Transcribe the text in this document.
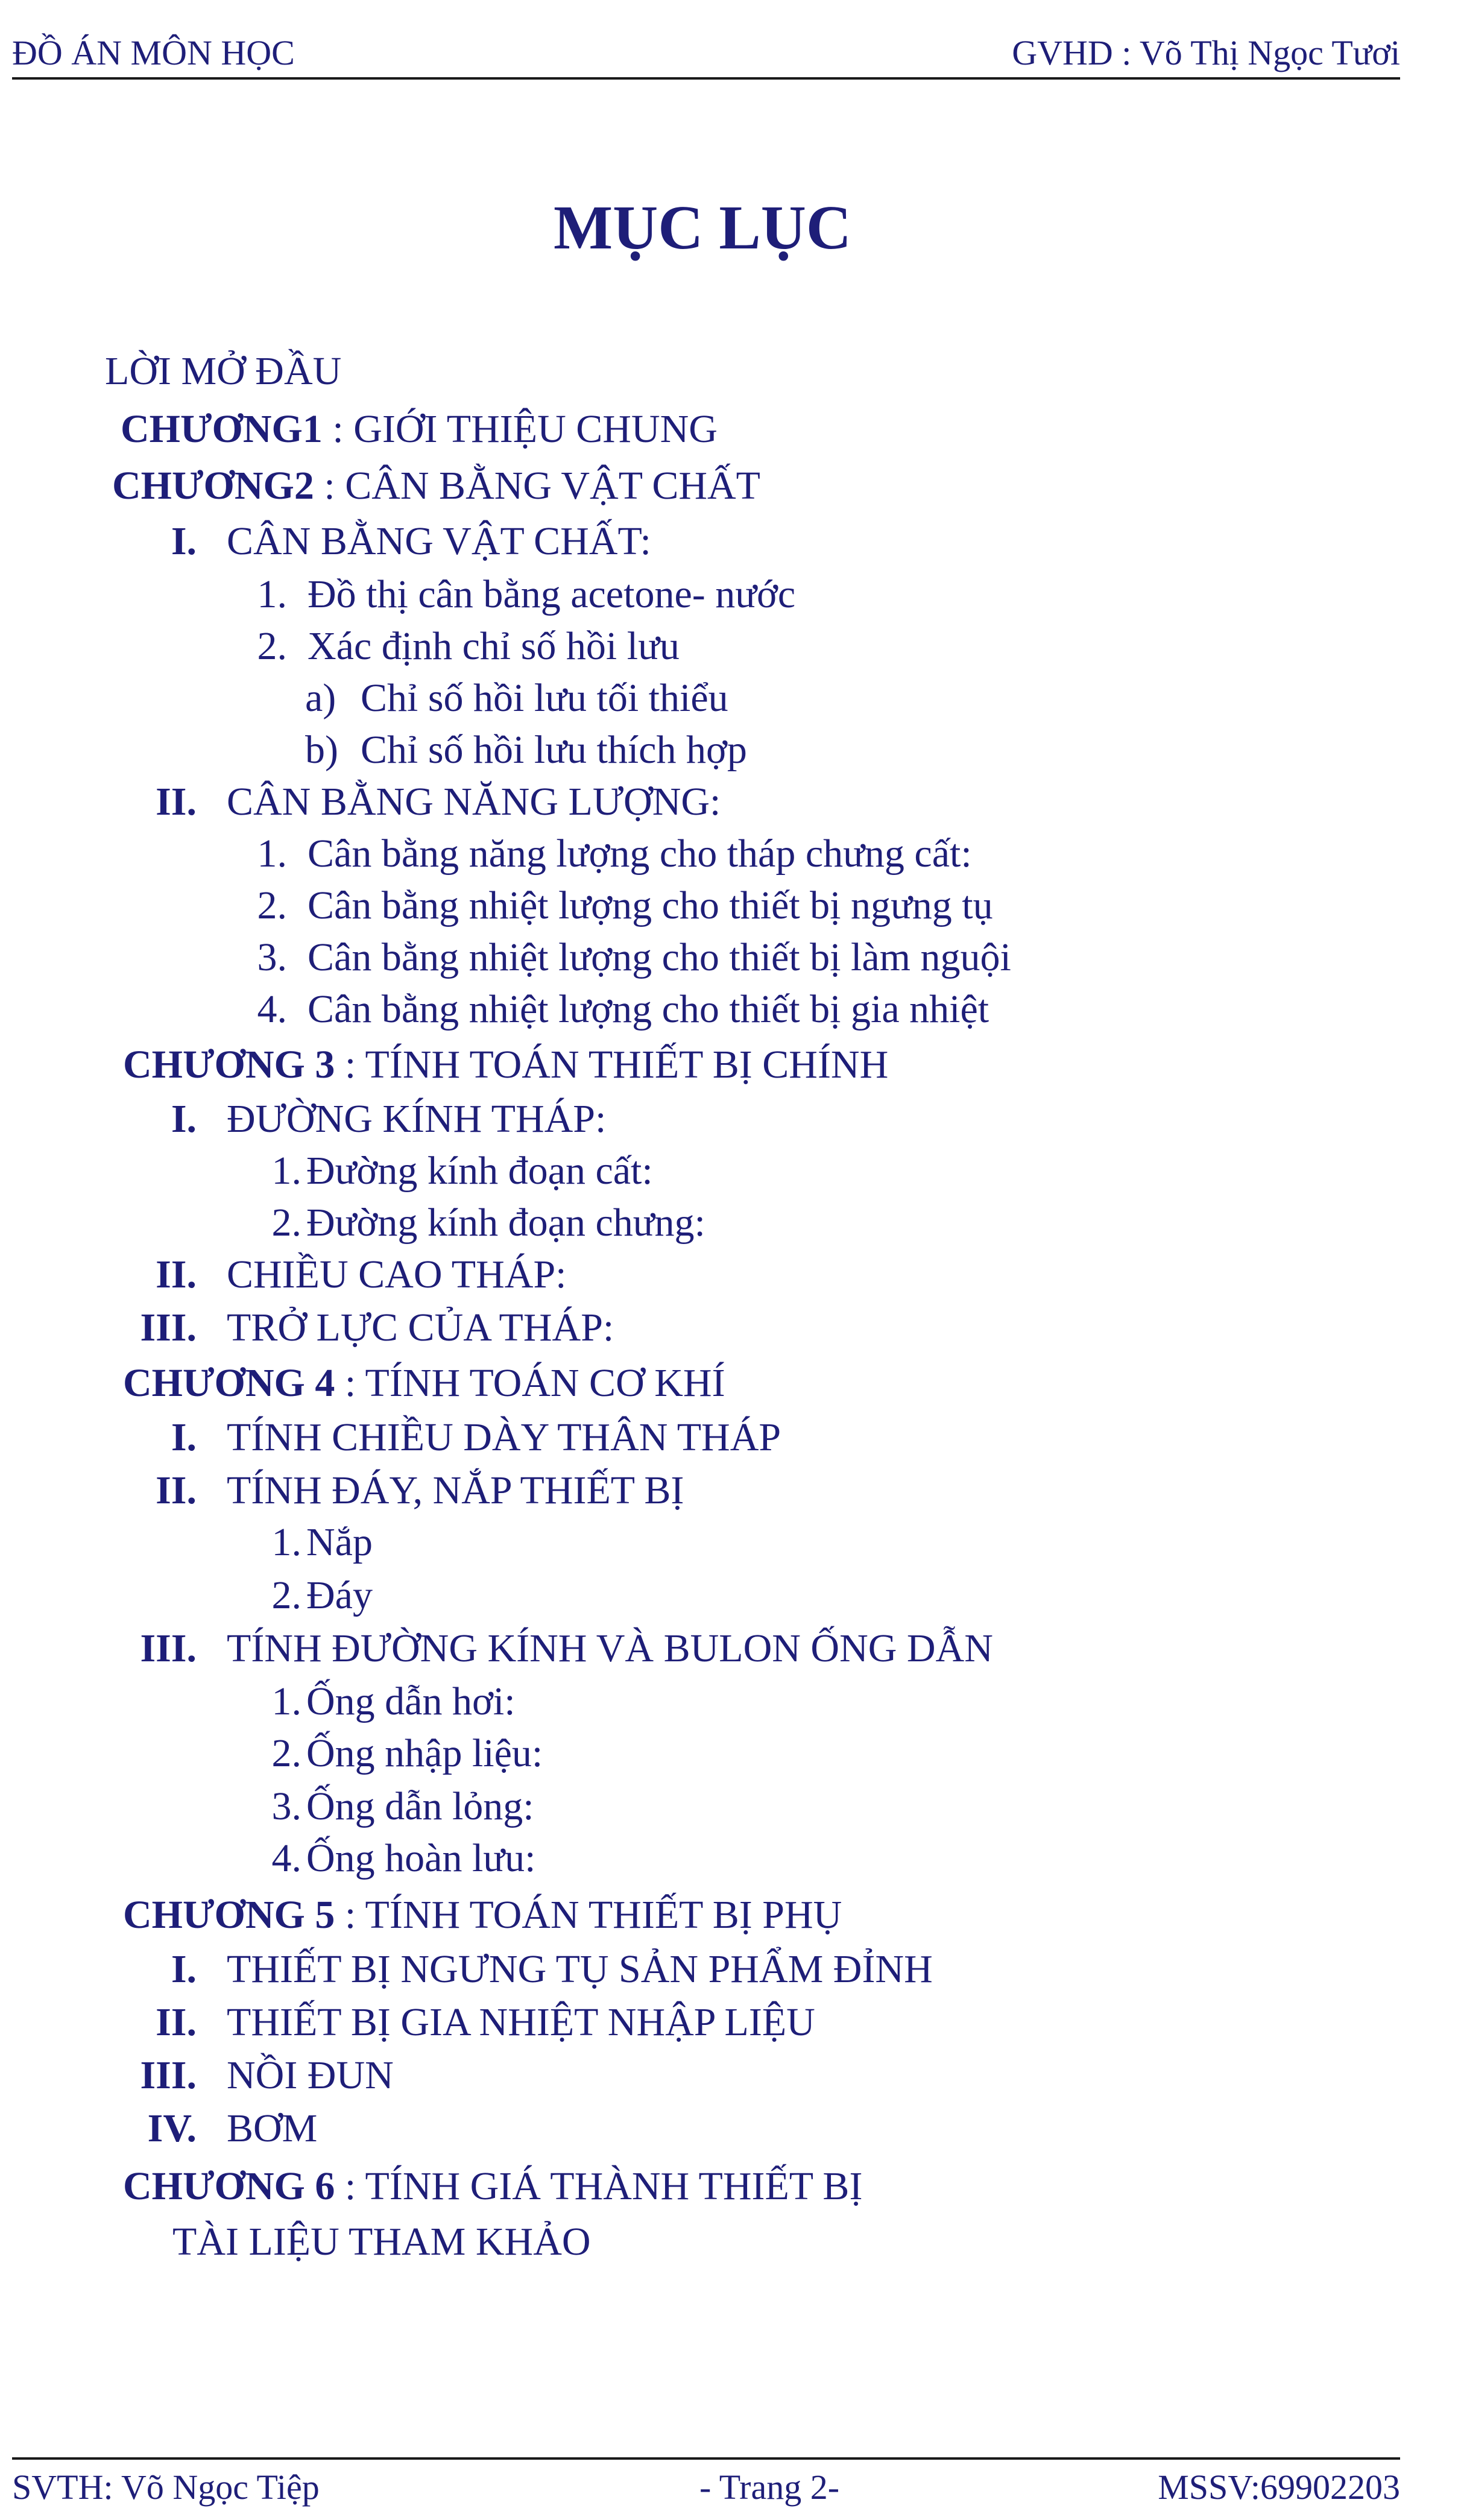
ĐỒ ÁN MÔN HỌC	GVHD : Võ Thị Ngọc Tươi
MỤC LỤC
LỜI MỞ ĐẦU
CHƯƠNG1 : GIỚI THIỆU CHUNG
CHƯƠNG2 : CÂN BẰNG VẬT CHẤT
I. CÂN BẰNG VẬT CHẤT:
1. Đồ thị cân bằng acetone- nước
2. Xác định chỉ số hồi lưu
a) Chỉ số hồi lưu tối thiểu
b) Chỉ số hồi lưu thích hợp
II. CÂN BẰNG NĂNG LƯỢNG:
1. Cân bằng năng lượng cho tháp chưng cất:
2. Cân bằng nhiệt lượng cho thiết bị ngưng tụ
3. Cân bằng nhiệt lượng cho thiết bị làm nguội
4. Cân bằng nhiệt lượng cho thiết bị gia nhiệt
CHƯƠNG 3 : TÍNH TOÁN THIẾT BỊ CHÍNH
I. ĐƯỜNG KÍNH THÁP:
1. Đường kính đoạn cất:
2. Đường kính đoạn chưng:
II. CHIỀU CAO THÁP:
III. TRỞ LỰC CỦA THÁP:
CHƯƠNG 4 : TÍNH TOÁN CƠ KHÍ
I. TÍNH CHIỀU DÀY THÂN THÁP
II. TÍNH ĐÁY, NẮP THIẾT BỊ
1. Nắp
2. Đáy
III. TÍNH ĐƯỜNG KÍNH VÀ BULON ỐNG DẪN
1. Ống dẫn hơi:
2. Ống nhập liệu:
3. Ống dẫn lỏng:
4. Ống hoàn lưu:
CHƯƠNG 5 : TÍNH TOÁN THIẾT BỊ PHỤ
I. THIẾT BỊ NGƯNG TỤ SẢN PHẨM ĐỈNH
II. THIẾT BỊ GIA NHIỆT NHẬP LIỆU
III. NỒI ĐUN
IV. BƠM
CHƯƠNG 6 : TÍNH GIÁ THÀNH THIẾT BỊ
TÀI LIỆU THAM KHẢO
SVTH: Võ Ngọc Tiệp	- Trang 2-	MSSV:69902203
